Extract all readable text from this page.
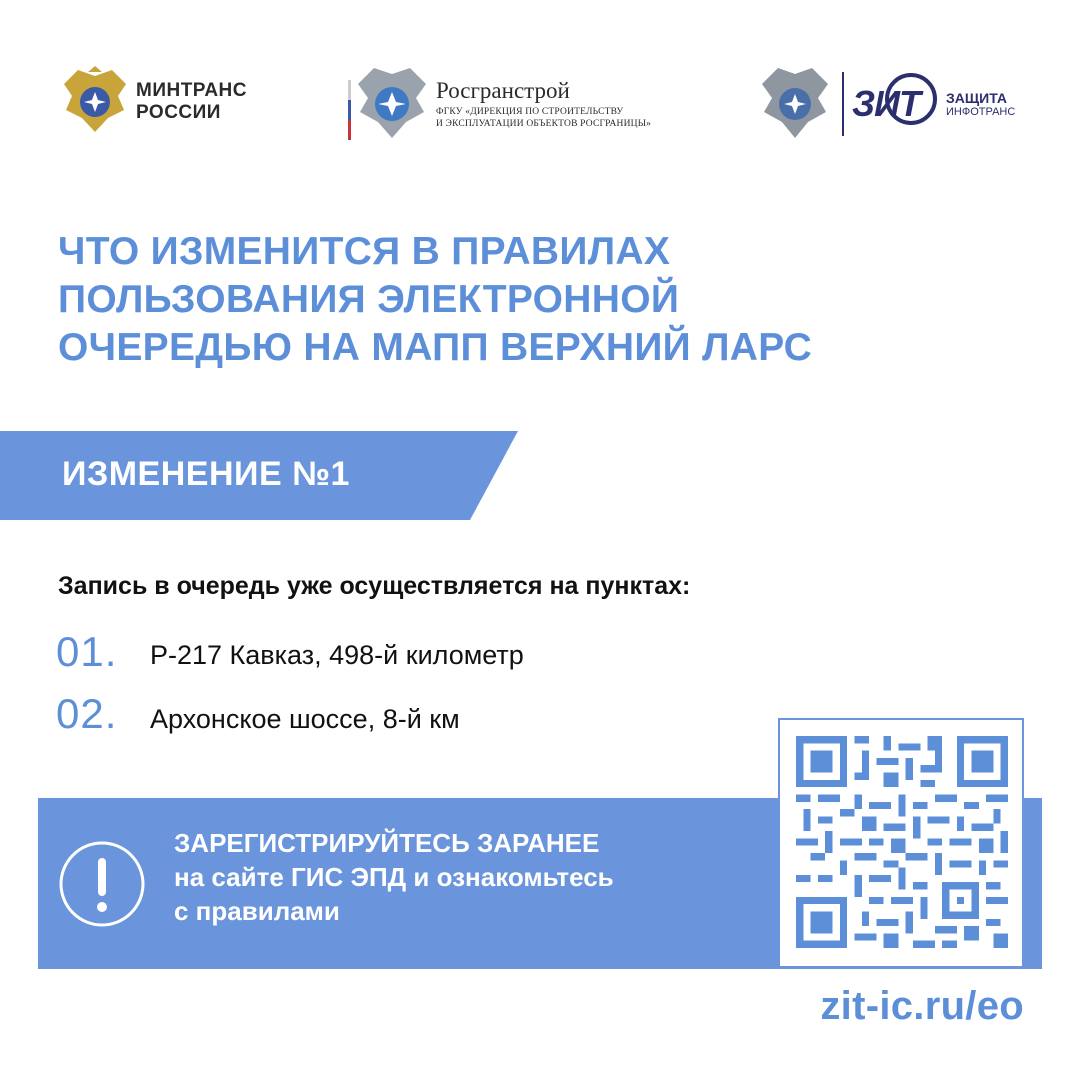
МИНТРАНС
РОССИИ
Росгранстрой
ФГКУ «ДИРЕКЦИЯ ПО СТРОИТЕЛЬСТВУ
И ЭКСПЛУАТАЦИИ ОБЪЕКТОВ РОСГРАНИЦЫ»	ЗИТ ЗАЩИТА
ИНФОТРАНС
ЧТО ИЗМЕНИТСЯ В ПРАВИЛАХ
ПОЛЬЗОВАНИЯ ЭЛЕКТРОННОЙ
ОЧЕРЕДЬЮ НА МАПП ВЕРХНИЙ ЛАРС
ИЗМЕНЕНИЕ №1
Запись в очередь уже осуществляется на пунктах:
01. Р-217 Кавказ, 498-й километр
02. Архонское шоссе, 8-й км
ЗАРЕГИСТРИРУЙТЕСЬ ЗАРАНЕЕ
на сайте ГИС ЭПД и ознакомьтесь
с правилами
zit-ic.ru/eo
